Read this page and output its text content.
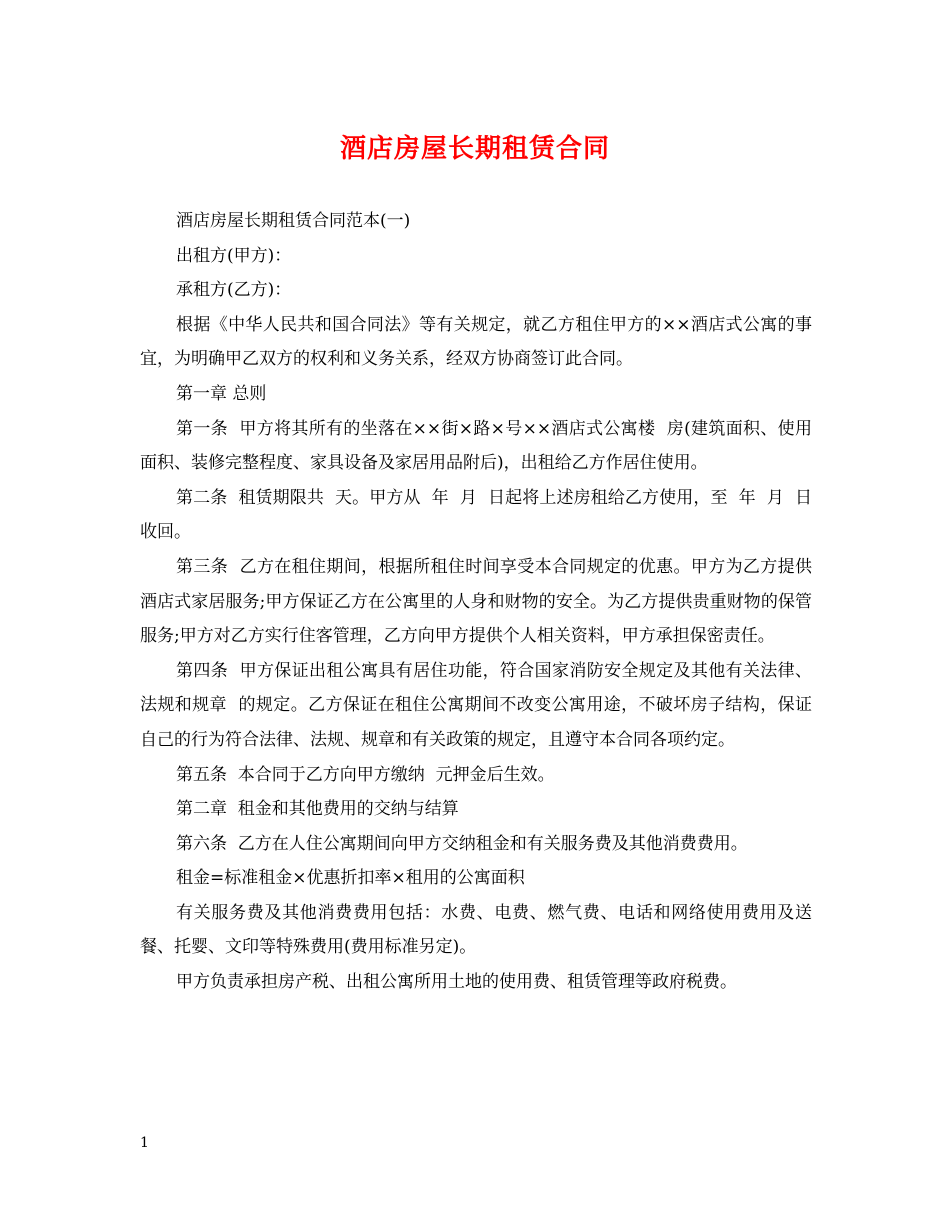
酒店房屋长期租赁合同

酒店房屋长期租赁合同范本(一)

出租方(甲方)：

承租方(乙方)：

根据《中华人民共和国合同法》等有关规定，就乙方租住甲方的××酒店式公寓的事宜，为明确甲乙双方的权利和义务关系，经双方协商签订此合同。

第一章 总则

第一条  甲方将其所有的坐落在××街×路×号××酒店式公寓楼  房(建筑面积、使用面积、装修完整程度、家具设备及家居用品附后)，出租给乙方作居住使用。

第二条  租赁期限共  天。甲方从  年  月  日起将上述房租给乙方使用，至  年  月  日收回。

第三条  乙方在租住期间，根据所租住时间享受本合同规定的优惠。甲方为乙方提供酒店式家居服务;甲方保证乙方在公寓里的人身和财物的安全。为乙方提供贵重财物的保管服务;甲方对乙方实行住客管理，乙方向甲方提供个人相关资料，甲方承担保密责任。

第四条  甲方保证出租公寓具有居住功能，符合国家消防安全规定及其他有关法律、法规和规章  的规定。乙方保证在租住公寓期间不改变公寓用途，不破坏房子结构，保证自己的行为符合法律、法规、规章和有关政策的规定，且遵守本合同各项约定。

第五条  本合同于乙方向甲方缴纳  元押金后生效。

第二章  租金和其他费用的交纳与结算

第六条  乙方在人住公寓期间向甲方交纳租金和有关服务费及其他消费费用。

租金=标准租金×优惠折扣率×租用的公寓面积

有关服务费及其他消费费用包括：水费、电费、燃气费、电话和网络使用费用及送餐、托婴、文印等特殊费用(费用标准另定)。

甲方负责承担房产税、出租公寓所用土地的使用费、租赁管理等政府税费。

1
